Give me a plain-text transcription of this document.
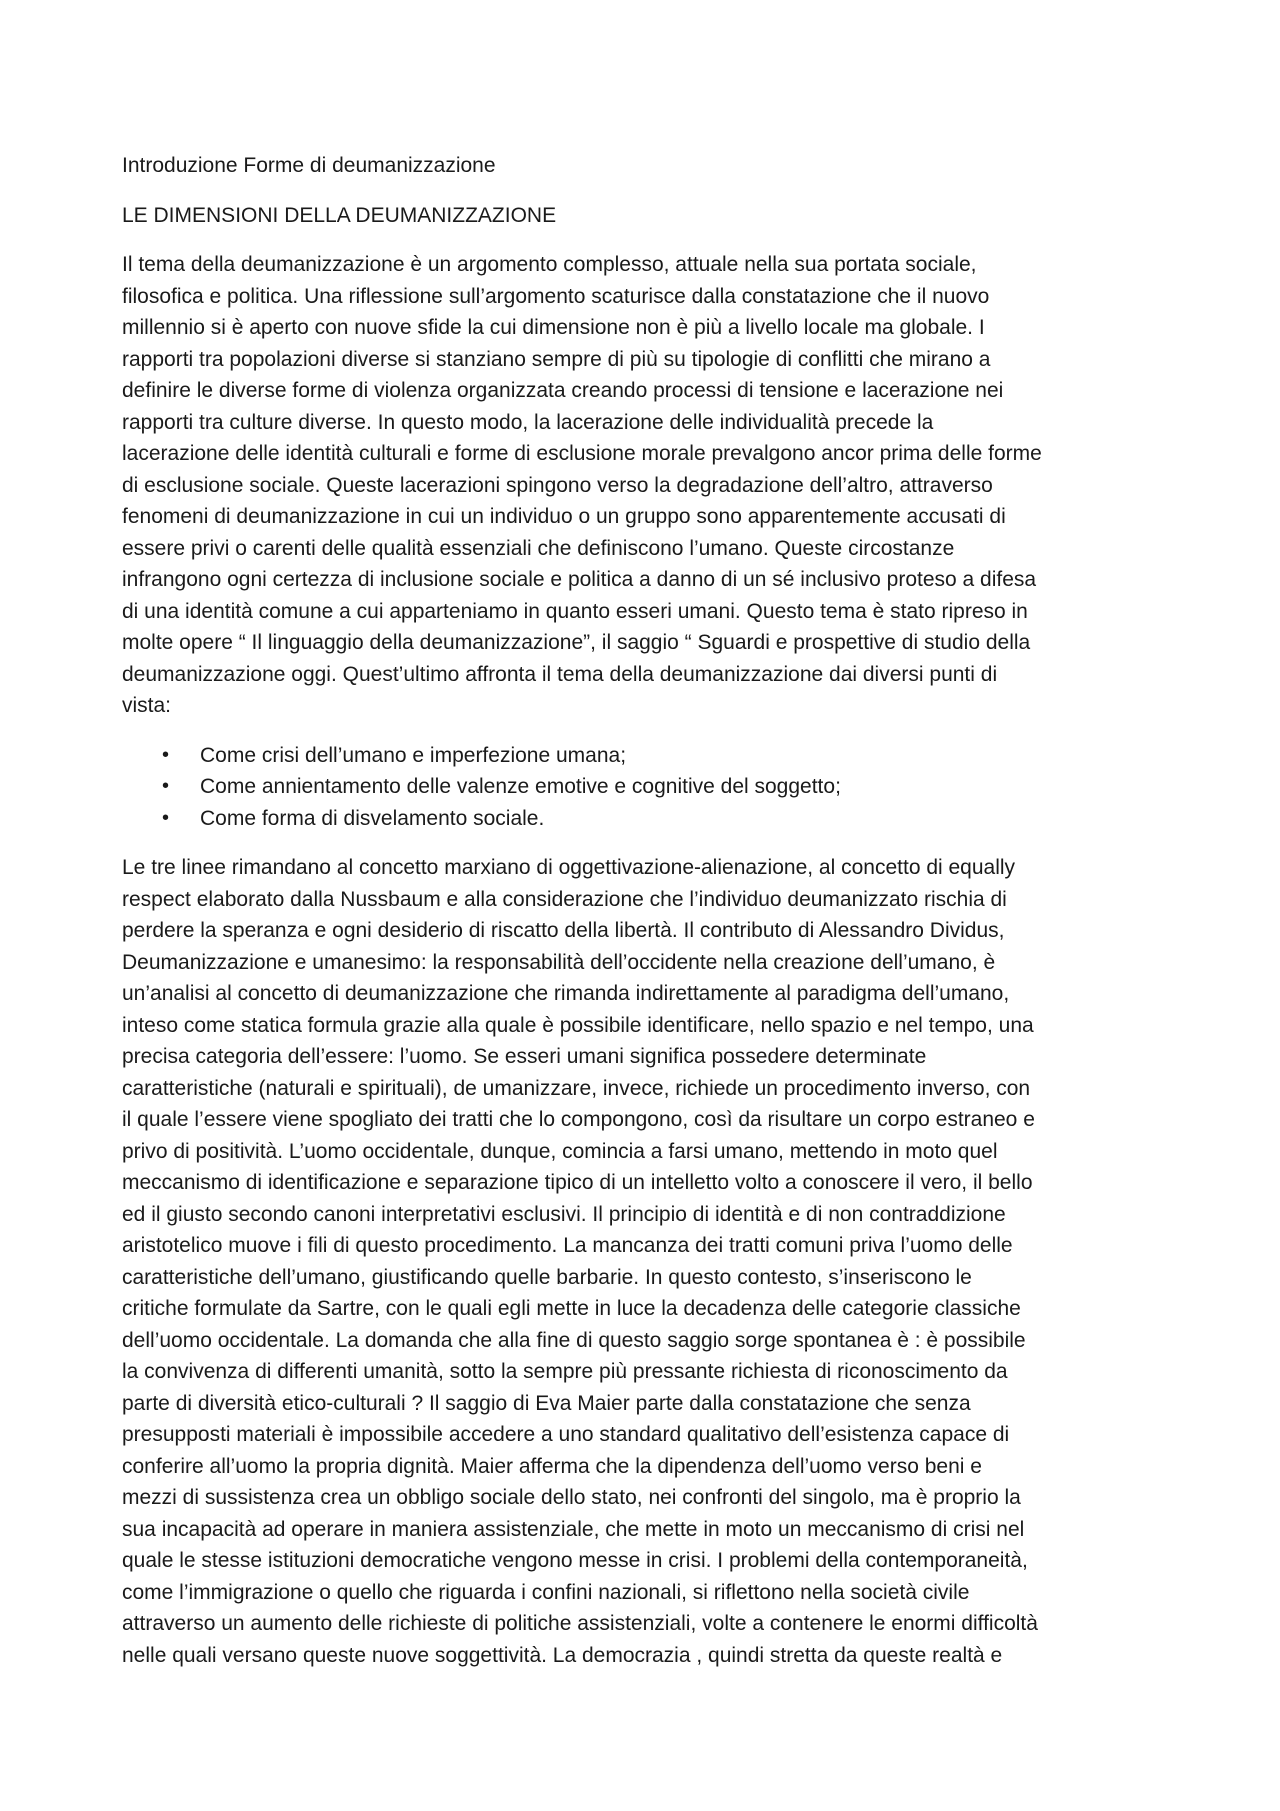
Introduzione Forme di deumanizzazione

LE DIMENSIONI DELLA DEUMANIZZAZIONE

Il tema della deumanizzazione è un argomento complesso, attuale nella sua portata sociale,

filosofica e politica. Una riflessione sull’argomento scaturisce dalla constatazione che il nuovo

millennio si è aperto con nuove sfide la cui dimensione non è più a livello locale ma globale. I

rapporti tra popolazioni diverse si stanziano sempre di più su tipologie di conflitti che mirano a

definire le diverse forme di violenza organizzata creando processi di tensione e lacerazione nei

rapporti tra culture diverse. In questo modo, la lacerazione delle individualità precede la

lacerazione delle identità culturali e forme di esclusione morale prevalgono ancor prima delle forme

di esclusione sociale. Queste lacerazioni spingono verso la degradazione dell’altro, attraverso

fenomeni di deumanizzazione in cui un individuo o un gruppo sono apparentemente accusati di

essere privi o carenti delle qualità essenziali che definiscono l’umano. Queste circostanze

infrangono ogni certezza di inclusione sociale e politica a danno di un sé inclusivo proteso a difesa

di una identità comune a cui apparteniamo in quanto esseri umani. Questo tema è stato ripreso in

molte opere “ Il linguaggio della deumanizzazione”, il saggio “ Sguardi e prospettive di studio della

deumanizzazione oggi. Quest’ultimo affronta il tema della deumanizzazione dai diversi punti di

vista:

• Come crisi dell’umano e imperfezione umana;
• Come annientamento delle valenze emotive e cognitive del soggetto;
• Come forma di disvelamento sociale.

Le tre linee rimandano al concetto marxiano di oggettivazione-alienazione, al concetto di equally

respect elaborato dalla Nussbaum e alla considerazione che l’individuo deumanizzato rischia di

perdere la speranza e ogni desiderio di riscatto della libertà. Il contributo di Alessandro Dividus,

Deumanizzazione e umanesimo: la responsabilità dell’occidente nella creazione dell’umano, è

un’analisi al concetto di deumanizzazione che rimanda indirettamente al paradigma dell’umano,

inteso come statica formula grazie alla quale è possibile identificare, nello spazio e nel tempo, una

precisa categoria dell’essere: l’uomo. Se esseri umani significa possedere determinate

caratteristiche (naturali e spirituali), de umanizzare, invece, richiede un procedimento inverso, con

il quale l’essere viene spogliato dei tratti che lo compongono, così da risultare un corpo estraneo e

privo di positività. L’uomo occidentale, dunque, comincia a farsi umano, mettendo in moto quel

meccanismo di identificazione e separazione tipico di un intelletto volto a conoscere il vero, il bello

ed il giusto secondo canoni interpretativi esclusivi. Il principio di identità e di non contraddizione

aristotelico muove i fili di questo procedimento. La mancanza dei tratti comuni priva l’uomo delle

caratteristiche dell’umano, giustificando quelle barbarie. In questo contesto, s’inseriscono le

critiche formulate da Sartre, con le quali egli mette in luce la decadenza delle categorie classiche

dell’uomo occidentale. La domanda che alla fine di questo saggio sorge spontanea è : è possibile

la convivenza di differenti umanità, sotto la sempre più pressante richiesta di riconoscimento da

parte di diversità etico-culturali ? Il saggio di Eva Maier parte dalla constatazione che senza

presupposti materiali è impossibile accedere a uno standard qualitativo dell’esistenza capace di

conferire all’uomo la propria dignità. Maier afferma che la dipendenza dell’uomo verso beni e

mezzi di sussistenza crea un obbligo sociale dello stato, nei confronti del singolo, ma è proprio la

sua incapacità ad operare in maniera assistenziale, che mette in moto un meccanismo di crisi nel

quale le stesse istituzioni democratiche vengono messe in crisi. I problemi della contemporaneità,

come l’immigrazione o quello che riguarda i confini nazionali, si riflettono nella società civile

attraverso un aumento delle richieste di politiche assistenziali, volte a contenere le enormi difficoltà

nelle quali versano queste nuove soggettività. La democrazia , quindi stretta da queste realtà e
